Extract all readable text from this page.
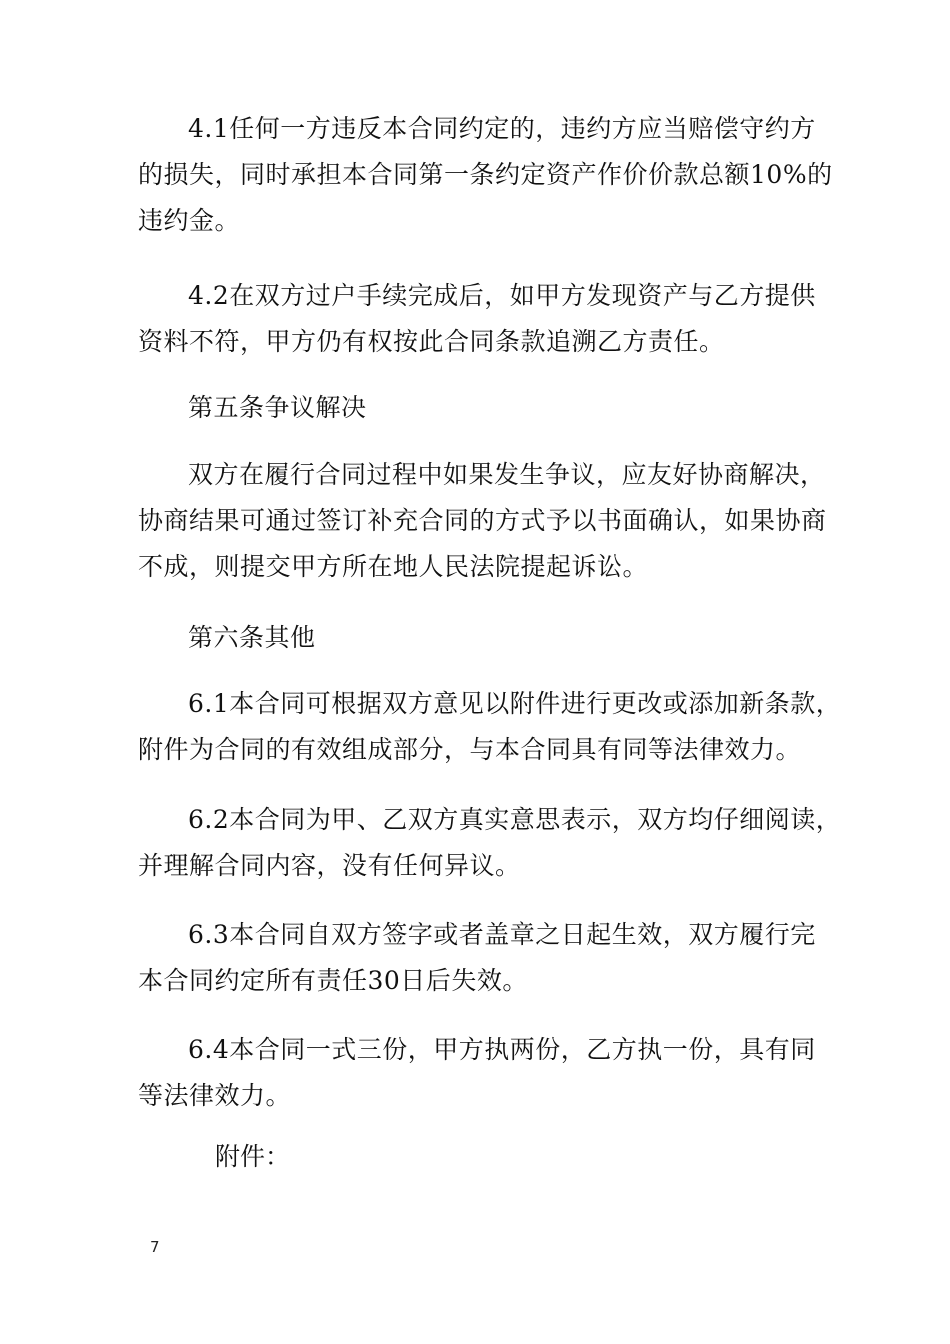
4.1任何一方违反本合同约定的，违约方应当赔偿守约方
的损失，同时承担本合同第一条约定资产作价价款总额10%的
违约金。

4.2在双方过户手续完成后，如甲方发现资产与乙方提供
资料不符，甲方仍有权按此合同条款追溯乙方责任。

第五条争议解决

双方在履行合同过程中如果发生争议，应友好协商解决，
协商结果可通过签订补充合同的方式予以书面确认，如果协商
不成，则提交甲方所在地人民法院提起诉讼。

第六条其他

6.1本合同可根据双方意见以附件进行更改或添加新条款，
附件为合同的有效组成部分，与本合同具有同等法律效力。

6.2本合同为甲、乙双方真实意思表示，双方均仔细阅读，
并理解合同内容，没有任何异议。

6.3本合同自双方签字或者盖章之日起生效，双方履行完
本合同约定所有责任30日后失效。

6.4本合同一式三份，甲方执两份，乙方执一份，具有同
等法律效力。

附件：
7
